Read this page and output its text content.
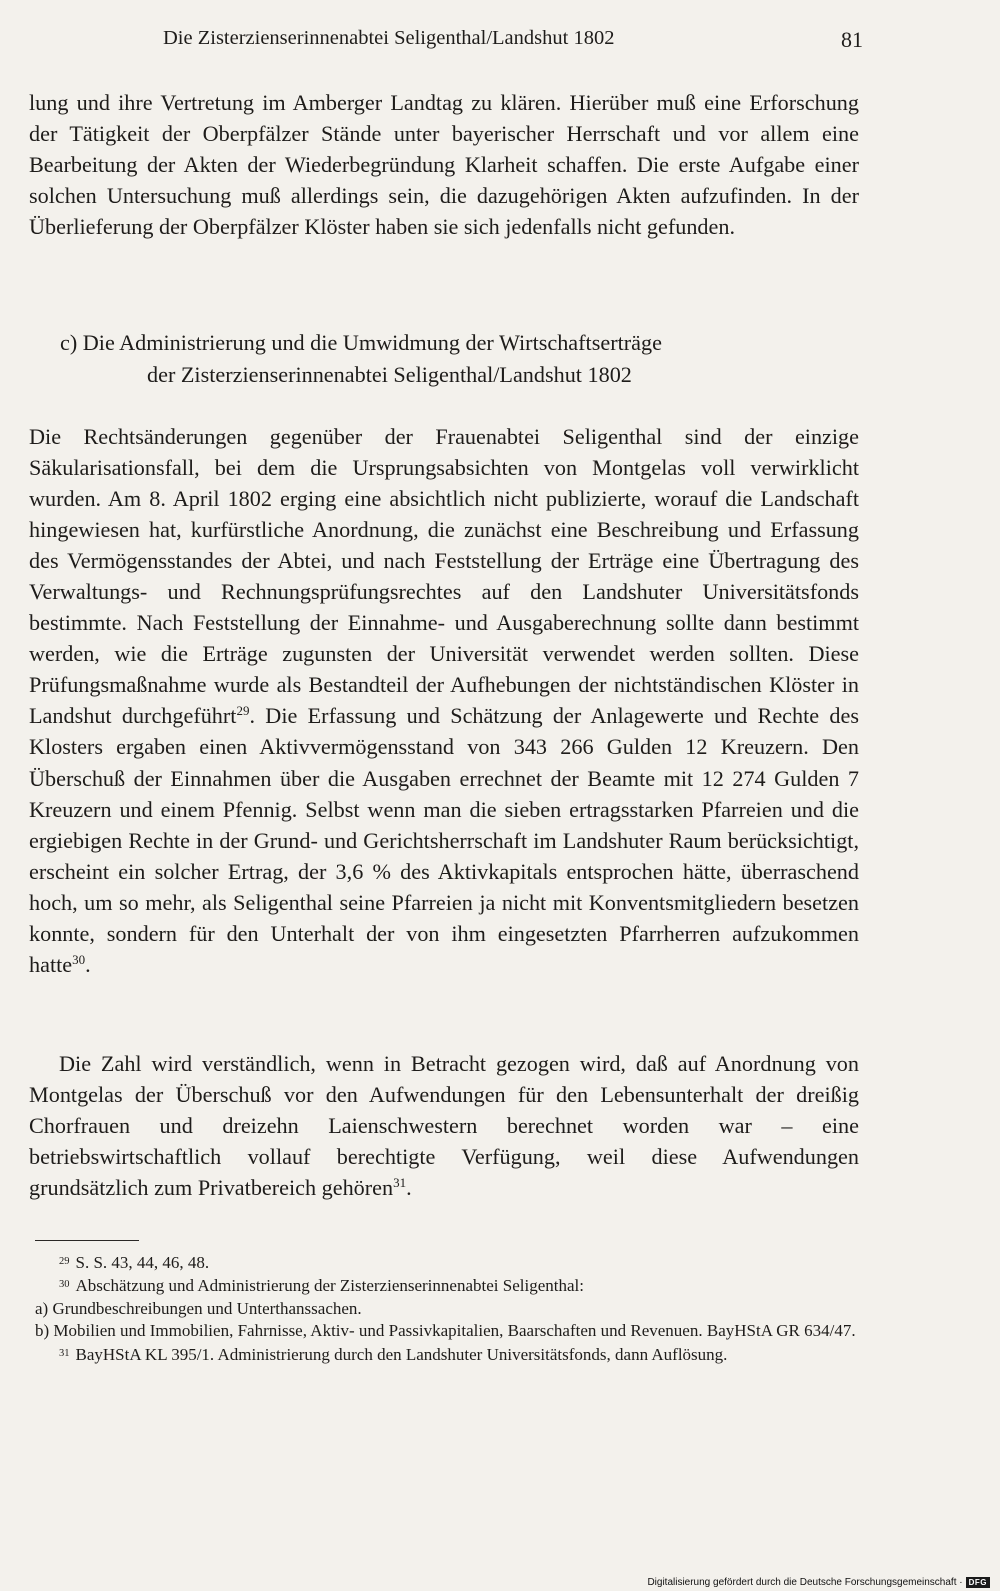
Die Zisterzienserinnenabtei Seligenthal/Landshut 1802	81
lung und ihre Vertretung im Amberger Landtag zu klären. Hierüber muß eine Erforschung der Tätigkeit der Oberpfälzer Stände unter bayerischer Herrschaft und vor allem eine Bearbeitung der Akten der Wiederbegründung Klarheit schaffen. Die erste Aufgabe einer solchen Untersuchung muß allerdings sein, die dazugehörigen Akten aufzufinden. In der Überlieferung der Oberpfälzer Klöster haben sie sich jedenfalls nicht gefunden.
c) Die Administrierung und die Umwidmung der Wirtschaftserträge
der Zisterzienserinnenabtei Seligenthal/Landshut 1802
Die Rechtsänderungen gegenüber der Frauenabtei Seligenthal sind der einzige Säkularisationsfall, bei dem die Ursprungsabsichten von Montgelas voll verwirklicht wurden. Am 8. April 1802 erging eine absichtlich nicht publizierte, worauf die Landschaft hingewiesen hat, kurfürstliche Anordnung, die zunächst eine Beschreibung und Erfassung des Vermögensstandes der Abtei, und nach Feststellung der Erträge eine Übertragung des Verwaltungs- und Rechnungsprüfungsrechtes auf den Landshuter Universitätsfonds bestimmte. Nach Feststellung der Einnahme- und Ausgaberechnung sollte dann bestimmt werden, wie die Erträge zugunsten der Universität verwendet werden sollten. Diese Prüfungsmaßnahme wurde als Bestandteil der Aufhebungen der nichtständischen Klöster in Landshut durchgeführt$^{29}$. Die Erfassung und Schätzung der Anlagewerte und Rechte des Klosters ergaben einen Aktivvermögensstand von 343 266 Gulden 12 Kreuzern. Den Überschuß der Einnahmen über die Ausgaben errechnet der Beamte mit 12 274 Gulden 7 Kreuzern und einem Pfennig. Selbst wenn man die sieben ertragsstarken Pfarreien und die ergiebigen Rechte in der Grund- und Gerichtsherrschaft im Landshuter Raum berücksichtigt, erscheint ein solcher Ertrag, der 3,6 % des Aktivkapitals entsprochen hätte, überraschend hoch, um so mehr, als Seligenthal seine Pfarreien ja nicht mit Konventsmitgliedern besetzen konnte, sondern für den Unterhalt der von ihm eingesetzten Pfarrherren aufzukommen hatte$^{30}$.
Die Zahl wird verständlich, wenn in Betracht gezogen wird, daß auf Anordnung von Montgelas der Überschuß vor den Aufwendungen für den Lebensunterhalt der dreißig Chorfrauen und dreizehn Laienschwestern berechnet worden war – eine betriebswirtschaftlich vollauf berechtigte Verfügung, weil diese Aufwendungen grundsätzlich zum Privatbereich gehören$^{31}$.
$^{29}$ S. S. 43, 44, 46, 48.
$^{30}$ Abschätzung und Administrierung der Zisterzienserinnenabtei Seligenthal:
a) Grundbeschreibungen und Unterthanssachen.
b) Mobilien und Immobilien, Fahrnisse, Aktiv- und Passivkapitalien, Baarschaften und Revenuen. BayHStA GR 634/47.
$^{31}$ BayHStA KL 395/1. Administrierung durch den Landshuter Universitätsfonds, dann Auflösung.
Digitalisierung gefördert durch die Deutsche Forschungsgemeinschaft · DFG
